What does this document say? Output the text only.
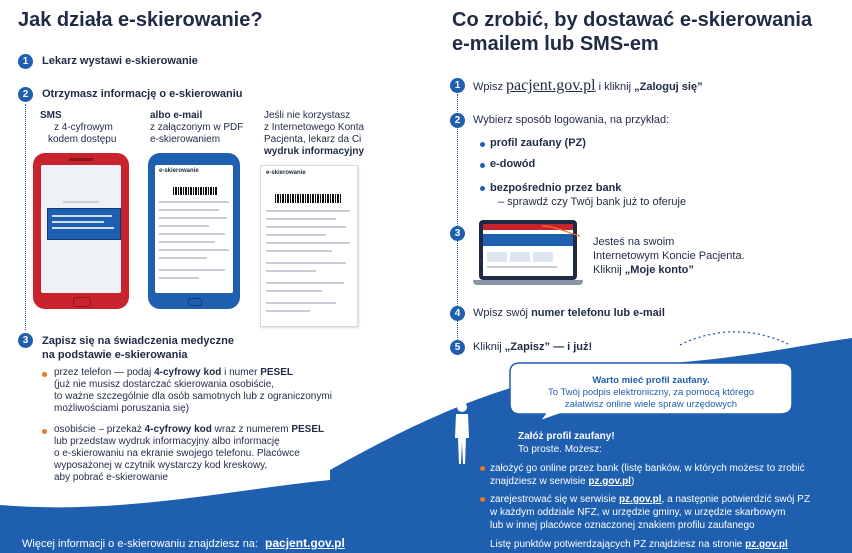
Jak działa e-skierowanie?
1	Lekarz wystawi e-skierowanie
2	Otrzymasz informację o e-skierowaniu
SMS
z 4-cyfrowym
kodem dostępu
albo e-mail
z załączonym w PDF
e-skierowaniem
Jeśli nie korzystasz
z Internetowego Konta
Pacjenta, lekarz da Ci
wydruk informacyjny
e-skierowanie	e-skierowanie
3	Zapisz się na świadczenia medyczne
na podstawie e-skierowania
przez telefon — podaj 4-cyfrowy kod i numer PESEL
(już nie musisz dostarczać skierowania osobiście,
to ważne szczególnie dla osób samotnych lub z ograniczonymi
możliwościami poruszania się)
osobiście – przekaż 4-cyfrowy kod wraz z numerem PESEL
lub przedstaw wydruk informacyjny albo informację
o e-skierowaniu na ekranie swojego telefonu. Placówce
wyposażonej w czytnik wystarczy kod kreskowy,
aby pobrać e-skierowanie
Więcej informacji o e-skierowaniu znajdziesz na: pacjent.gov.pl
Co zrobić, by dostawać e-skierowania
e-mailem lub SMS-em
1	Wpisz pacjent.gov.pl i kliknij „Zaloguj się”
2	Wybierz sposób logowania, na przykład:
profil zaufany (PZ)
e-dowód
bezpośrednio przez bank
– sprawdź czy Twój bank już to oferuje
3
Jesteś na swoim
Internetowym Koncie Pacjenta.
Kliknij „Moje konto”
4	Wpisz swój numer telefonu lub e-mail
5	Kliknij „Zapisz” — i już!
Warto mieć profil zaufany.
To Twój podpis elektroniczny, za pomocą którego
załatwisz online wiele spraw urzędowych
Załóż profil zaufany!
To proste. Możesz:
założyć go online przez bank (listę banków, w których możesz to zrobić
znajdziesz w serwisie pz.gov.pl)
zarejestrować się w serwisie pz.gov.pl, a następnie potwierdzić swój PZ
w każdym oddziale NFZ, w urzędzie gminy, w urzędzie skarbowym
lub w innej placówce oznaczonej znakiem profilu zaufanego
Listę punktów potwierdzających PZ znajdziesz na stronie pz.gov.pl
